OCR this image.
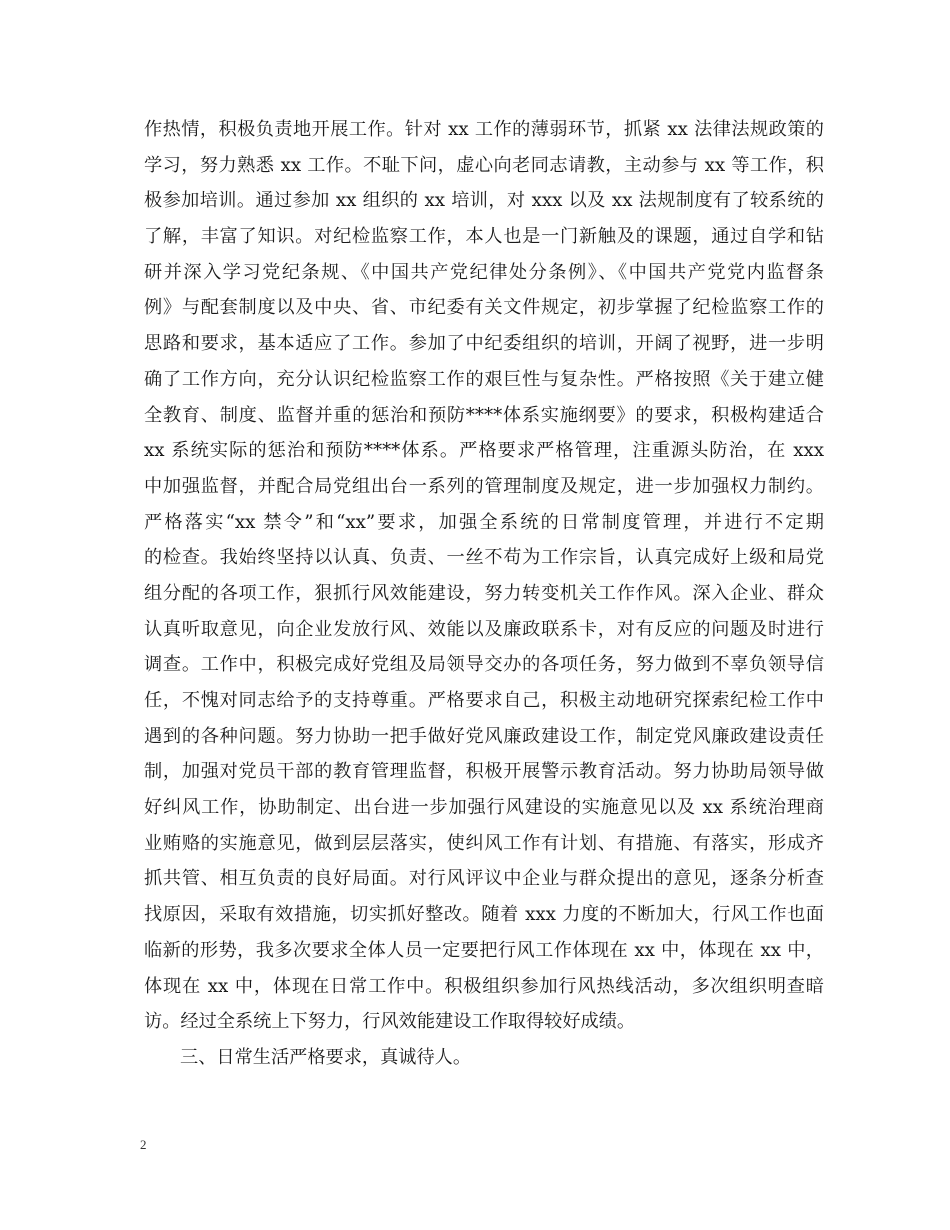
作热情，积极负责地开展工作。针对 xx 工作的薄弱环节，抓紧 xx 法律法规政策的
学习，努力熟悉 xx 工作。不耻下问，虚心向老同志请教，主动参与 xx 等工作，积
极参加培训。通过参加 xx 组织的 xx 培训，对 xxx 以及 xx 法规制度有了较系统的
了解，丰富了知识。对纪检监察工作，本人也是一门新触及的课题，通过自学和钻
研并深入学习党纪条规、《中国共产党纪律处分条例》、《中国共产党党内监督条
例》与配套制度以及中央、省、市纪委有关文件规定，初步掌握了纪检监察工作的
思路和要求，基本适应了工作。参加了中纪委组织的培训，开阔了视野，进一步明
确了工作方向，充分认识纪检监察工作的艰巨性与复杂性。严格按照《关于建立健
全教育、制度、监督并重的惩治和预防****体系实施纲要》的要求，积极构建适合
xx 系统实际的惩治和预防****体系。严格要求严格管理，注重源头防治，在 xxx
中加强监督，并配合局党组出台一系列的管理制度及规定，进一步加强权力制约。
严格落实“xx 禁令”和“xx”要求，加强全系统的日常制度管理，并进行不定期
的检查。我始终坚持以认真、负责、一丝不苟为工作宗旨，认真完成好上级和局党
组分配的各项工作，狠抓行风效能建设，努力转变机关工作作风。深入企业、群众
认真听取意见，向企业发放行风、效能以及廉政联系卡，对有反应的问题及时进行
调查。工作中，积极完成好党组及局领导交办的各项任务，努力做到不辜负领导信
任，不愧对同志给予的支持尊重。严格要求自己，积极主动地研究探索纪检工作中
遇到的各种问题。努力协助一把手做好党风廉政建设工作，制定党风廉政建设责任
制，加强对党员干部的教育管理监督，积极开展警示教育活动。努力协助局领导做
好纠风工作，协助制定、出台进一步加强行风建设的实施意见以及 xx 系统治理商
业贿赂的实施意见，做到层层落实，使纠风工作有计划、有措施、有落实，形成齐
抓共管、相互负责的良好局面。对行风评议中企业与群众提出的意见，逐条分析查
找原因，采取有效措施，切实抓好整改。随着 xxx 力度的不断加大，行风工作也面
临新的形势，我多次要求全体人员一定要把行风工作体现在 xx 中，体现在 xx 中，
体现在 xx 中，体现在日常工作中。积极组织参加行风热线活动，多次组织明查暗
访。经过全系统上下努力，行风效能建设工作取得较好成绩。
三、日常生活严格要求，真诚待人。
2
